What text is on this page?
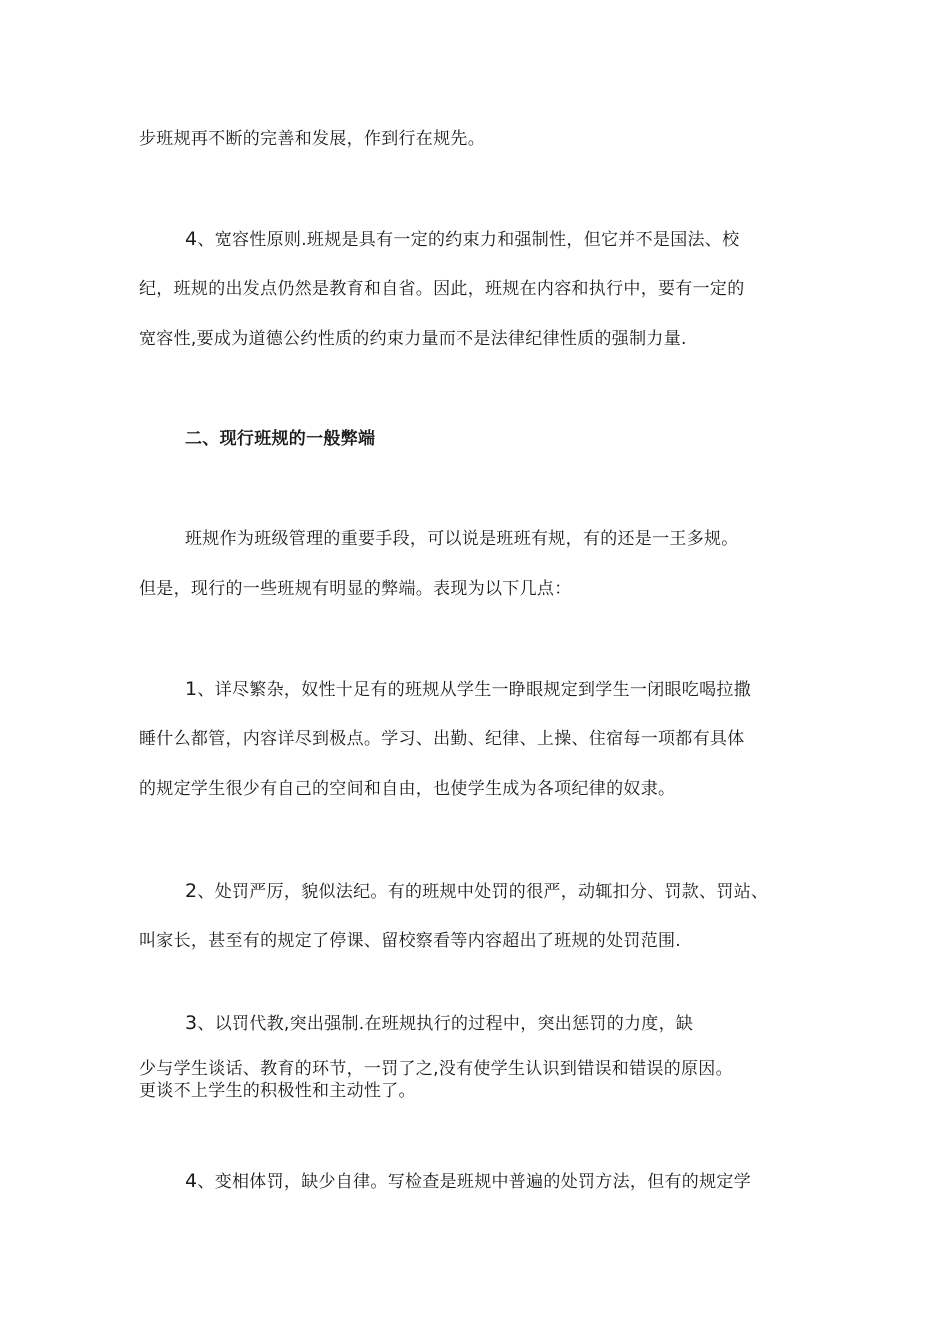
步班规再不断的完善和发展，作到行在规先。
4、宽容性原则.班规是具有一定的约束力和强制性，但它并不是国法、校
纪，班规的出发点仍然是教育和自省。因此，班规在内容和执行中，要有一定的
宽容性,要成为道德公约性质的约束力量而不是法律纪律性质的强制力量.
二、现行班规的一般弊端
班规作为班级管理的重要手段，可以说是班班有规，有的还是一王多规。
但是，现行的一些班规有明显的弊端。表现为以下几点：
1、详尽繁杂，奴性十足有的班规从学生一睁眼规定到学生一闭眼吃喝拉撒
睡什么都管，内容详尽到极点。学习、出勤、纪律、上操、住宿每一项都有具体
的规定学生很少有自己的空间和自由，也使学生成为各项纪律的奴隶。
2、处罚严厉，貌似法纪。有的班规中处罚的很严，动辄扣分、罚款、罚站、
叫家长，甚至有的规定了停课、留校察看等内容超出了班规的处罚范围.
3、以罚代教,突出强制.在班规执行的过程中，突出惩罚的力度，缺
少与学生谈话、教育的环节，一罚了之,没有使学生认识到错误和错误的原因。
更谈不上学生的积极性和主动性了。
4、变相体罚，缺少自律。写检查是班规中普遍的处罚方法，但有的规定学
